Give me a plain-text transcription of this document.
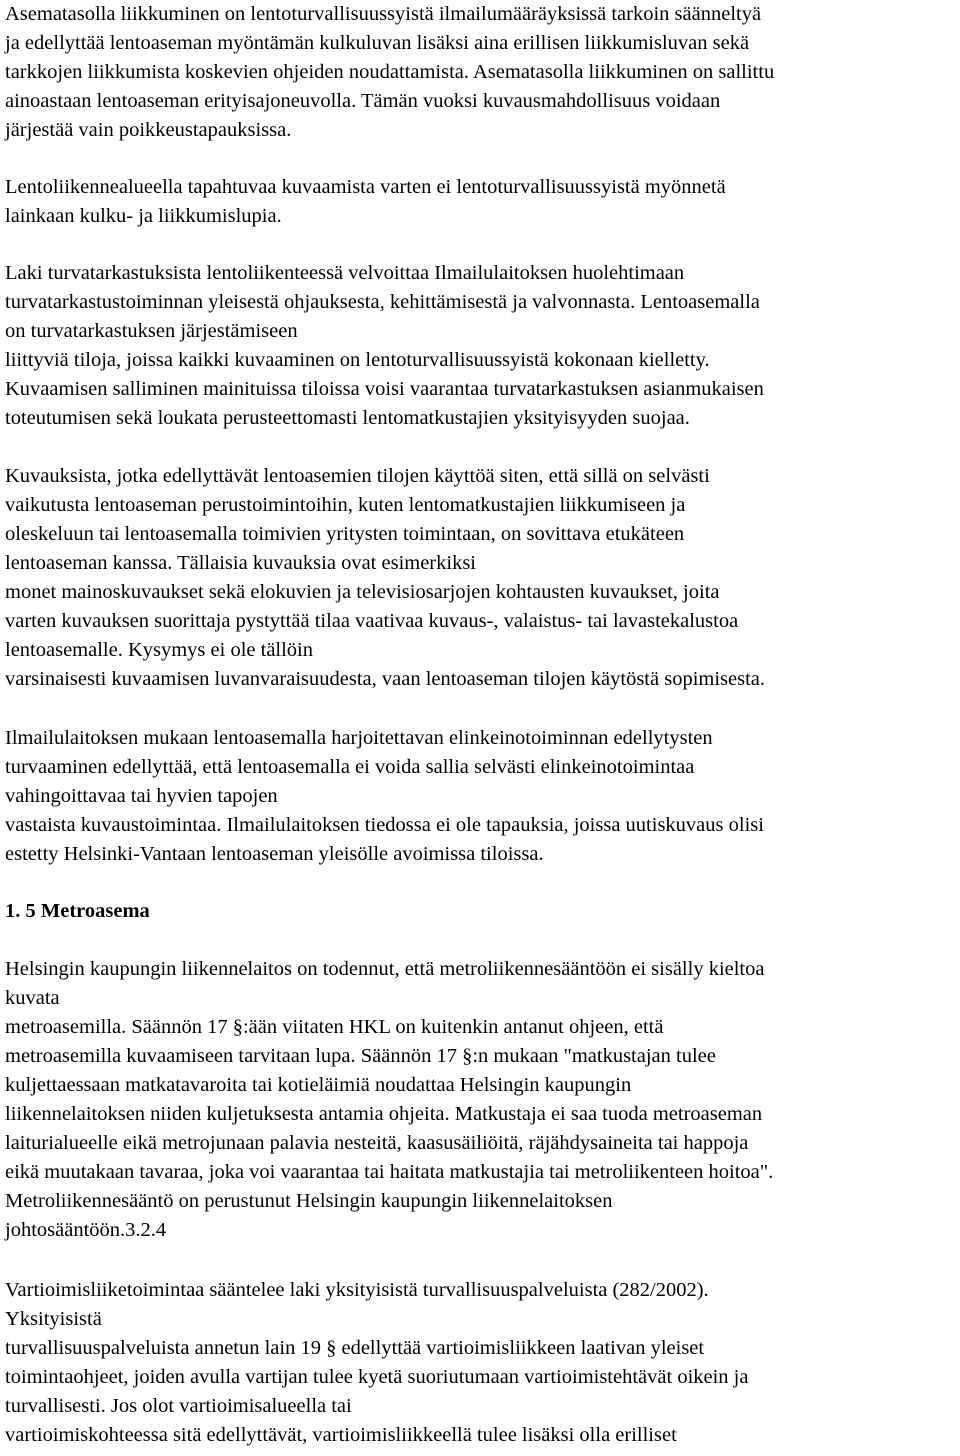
Asematasolla liikkuminen on lentoturvallisuussyistä ilmailumääräyksissä tarkoin säänneltyä
ja edellyttää lentoaseman myöntämän kulkuluvan lisäksi aina erillisen liikkumisluvan sekä
tarkkojen liikkumista koskevien ohjeiden noudattamista. Asematasolla liikkuminen on sallittu
ainoastaan lentoaseman erityisajoneuvolla. Tämän vuoksi kuvausmahdollisuus voidaan
järjestää vain poikkeustapauksissa.
Lentoliikennealueella tapahtuvaa kuvaamista varten ei lentoturvallisuussyistä myönnetä
lainkaan kulku- ja liikkumislupia.
Laki turvatarkastuksista lentoliikenteessä velvoittaa Ilmailulaitoksen huolehtimaan
turvatarkastustoiminnan yleisestä ohjauksesta, kehittämisestä ja valvonnasta. Lentoasemalla
on turvatarkastuksen järjestämiseen
liittyviä tiloja, joissa kaikki kuvaaminen on lentoturvallisuussyistä kokonaan kielletty.
Kuvaamisen salliminen mainituissa tiloissa voisi vaarantaa turvatarkastuksen asianmukaisen
toteutumisen sekä loukata perusteettomasti lentomatkustajien yksityisyyden suojaa.
Kuvauksista, jotka edellyttävät lentoasemien tilojen käyttöä siten, että sillä on selvästi
vaikutusta lentoaseman perustoimintoihin, kuten lentomatkustajien liikkumiseen ja
oleskeluun tai lentoasemalla toimivien yritysten toimintaan, on sovittava etukäteen
lentoaseman kanssa. Tällaisia kuvauksia ovat esimerkiksi
monet mainoskuvaukset sekä elokuvien ja televisiosarjojen kohtausten kuvaukset, joita
varten kuvauksen suorittaja pystyttää tilaa vaativaa kuvaus-, valaistus- tai lavastekalustoa
lentoasemalle. Kysymys ei ole tällöin
varsinaisesti kuvaamisen luvanvaraisuudesta, vaan lentoaseman tilojen käytöstä sopimisesta.
Ilmailulaitoksen mukaan lentoasemalla harjoitettavan elinkeinotoiminnan edellytysten
turvaaminen edellyttää, että lentoasemalla ei voida sallia selvästi elinkeinotoimintaa
vahingoittavaa tai hyvien tapojen
vastaista kuvaustoimintaa. Ilmailulaitoksen tiedossa ei ole tapauksia, joissa uutiskuvaus olisi
estetty Helsinki-Vantaan lentoaseman yleisölle avoimissa tiloissa.
1. 5 Metroasema
Helsingin kaupungin liikennelaitos on todennut, että metroliikennesääntöön ei sisälly kieltoa
kuvata
metroasemilla. Säännön 17 §:ään viitaten HKL on kuitenkin antanut ohjeen, että
metroasemilla kuvaamiseen tarvitaan lupa. Säännön 17 §:n mukaan "matkustajan tulee
kuljettaessaan matkatavaroita tai kotieläimiä noudattaa Helsingin kaupungin
liikennelaitoksen niiden kuljetuksesta antamia ohjeita. Matkustaja ei saa tuoda metroaseman
laiturialueelle eikä metrojunaan palavia nesteitä, kaasusäiliöitä, räjähdysaineita tai happoja
eikä muutakaan tavaraa, joka voi vaarantaa tai haitata matkustajia tai metroliikenteen hoitoa".
Metroliikennesääntö on perustunut Helsingin kaupungin liikennelaitoksen
johtosääntöön.3.2.4
Vartioimisliiketoimintaa sääntelee laki yksityisistä turvallisuuspalveluista (282/2002).
Yksityisistä
turvallisuuspalveluista annetun lain 19 § edellyttää vartioimisliikkeen laativan yleiset
toimintaohjeet, joiden avulla vartijan tulee kyetä suoriutumaan vartioimistehtävät oikein ja
turvallisesti. Jos olot vartioimisalueella tai
vartioimiskohteessa sitä edellyttävät, vartioimisliikkeellä tulee lisäksi olla erilliset
